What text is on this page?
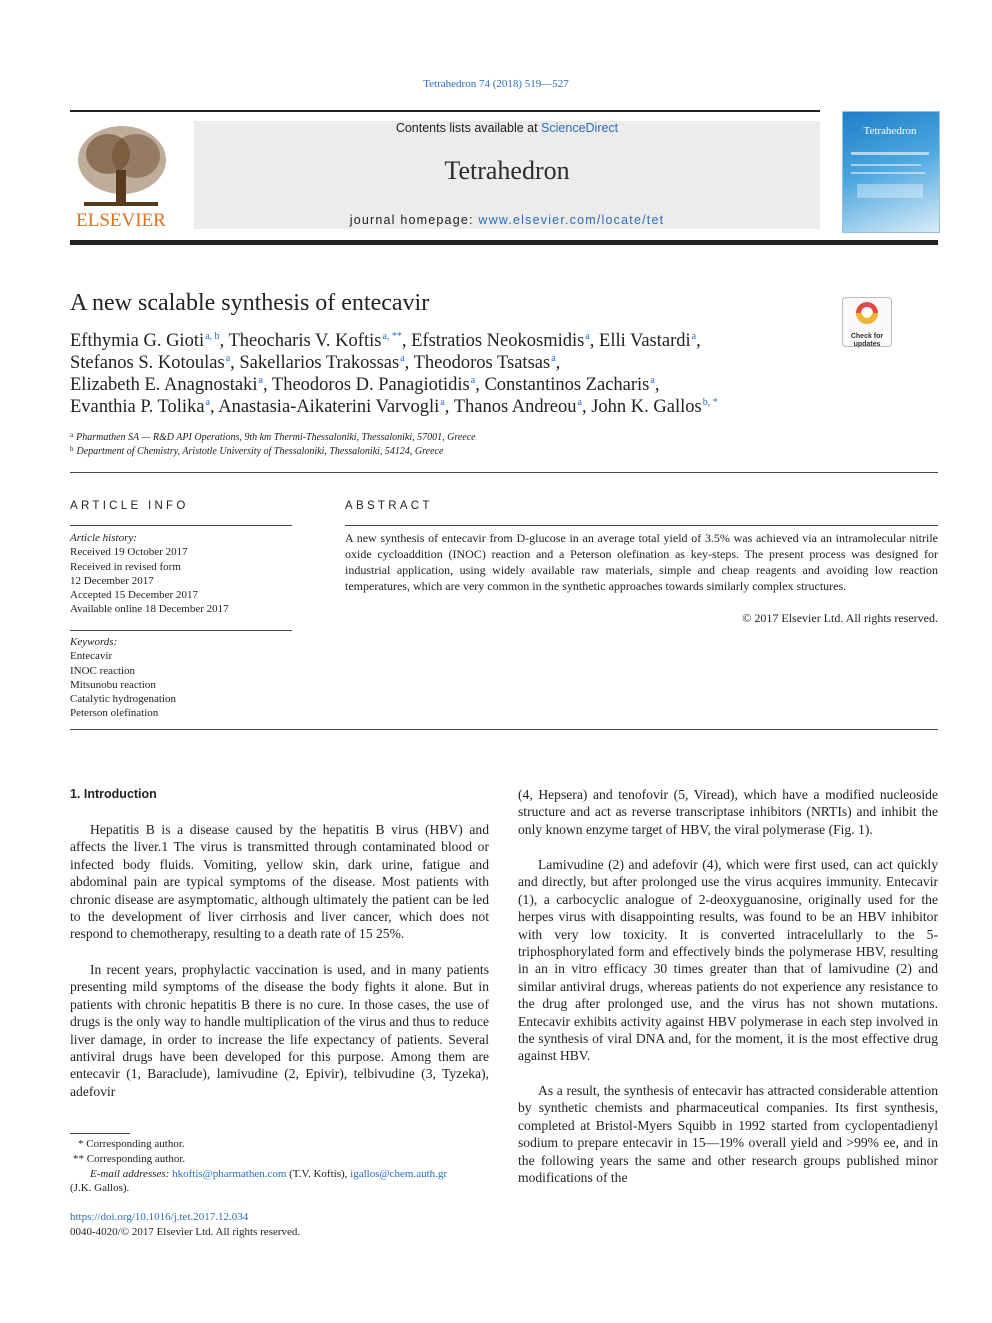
Tetrahedron 74 (2018) 519—527
ELSEVIER
Contents lists available at ScienceDirect
Tetrahedron
journal homepage: www.elsevier.com/locate/tet
Tetrahedron
A new scalable synthesis of entecavir
Check for updates
Efthymia G. Gioti$^{a, b}$, Theocharis V. Koftis$^{a, **}$, Efstratios Neokosmidis$^a$, Elli Vastardi$^a$,
Stefanos S. Kotoulas$^a$, Sakellarios Trakossas$^a$, Theodoros Tsatsas$^a$,
Elizabeth E. Anagnostaki$^a$, Theodoros D. Panagiotidis$^a$, Constantinos Zacharis$^a$,
Evanthia P. Tolika$^a$, Anastasia-Aikaterini Varvogli$^a$, Thanos Andreou$^a$, John K. Gallos$^{b, *}$
$^a$ Pharmathen SA — R&D API Operations, 9th km Thermi-Thessaloniki, Thessaloniki, 57001, Greece
$^b$ Department of Chemistry, Aristotle University of Thessaloniki, Thessaloniki, 54124, Greece
ARTICLE INFO
Article history:
Received 19 October 2017
Received in revised form
12 December 2017
Accepted 15 December 2017
Available online 18 December 2017
Keywords:
Entecavir
INOC reaction
Mitsunobu reaction
Catalytic hydrogenation
Peterson olefination
ABSTRACT
A new synthesis of entecavir from D-glucose in an average total yield of 3.5% was achieved via an intramolecular nitrile oxide cycloaddition (INOC) reaction and a Peterson olefination as key-steps. The present process was designed for industrial application, using widely available raw materials, simple and cheap reagents and avoiding low reaction temperatures, which are very common in the synthetic approaches towards similarly complex structures.
© 2017 Elsevier Ltd. All rights reserved.
1. Introduction
Hepatitis B is a disease caused by the hepatitis B virus (HBV) and affects the liver.1 The virus is transmitted through contaminated blood or infected body fluids. Vomiting, yellow skin, dark urine, fatigue and abdominal pain are typical symptoms of the disease. Most patients with chronic disease are asymptomatic, although ultimately the patient can be led to the development of liver cirrhosis and liver cancer, which does not respond to chemotherapy, resulting to a death rate of 15 25%.
In recent years, prophylactic vaccination is used, and in many patients presenting mild symptoms of the disease the body fights it alone. But in patients with chronic hepatitis B there is no cure. In those cases, the use of drugs is the only way to handle multiplication of the virus and thus to reduce liver damage, in order to increase the life expectancy of patients. Several antiviral drugs have been developed for this purpose. Among them are entecavir (1, Baraclude), lamivudine (2, Epivir), telbivudine (3, Tyzeka), adefovir
(4, Hepsera) and tenofovir (5, Viread), which have a modified nucleoside structure and act as reverse transcriptase inhibitors (NRTIs) and inhibit the only known enzyme target of HBV, the viral polymerase (Fig. 1).
Lamivudine (2) and adefovir (4), which were first used, can act quickly and directly, but after prolonged use the virus acquires immunity. Entecavir (1), a carbocyclic analogue of 2-deoxyguanosine, originally used for the herpes virus with disappointing results, was found to be an HBV inhibitor with very low toxicity. It is converted intracelullarly to the 5-triphosphorylated form and effectively binds the polymerase HBV, resulting in an in vitro efficacy 30 times greater than that of lamivudine (2) and similar antiviral drugs, whereas patients do not experience any resistance to the drug after prolonged use, and the virus has not shown mutations. Entecavir exhibits activity against HBV polymerase in each step involved in the synthesis of viral DNA and, for the moment, it is the most effective drug against HBV.
As a result, the synthesis of entecavir has attracted considerable attention by synthetic chemists and pharmaceutical companies. Its first synthesis, completed at Bristol-Myers Squibb in 1992 started from cyclopentadienyl sodium to prepare entecavir in 15—19% overall yield and >99% ee, and in the following years the same and other research groups published minor modifications of the
* Corresponding author.
** Corresponding author.
E-mail addresses: hkoftis@pharmathen.com (T.V. Koftis), igallos@chem.auth.gr
(J.K. Gallos).
https://doi.org/10.1016/j.tet.2017.12.034
0040-4020/© 2017 Elsevier Ltd. All rights reserved.
